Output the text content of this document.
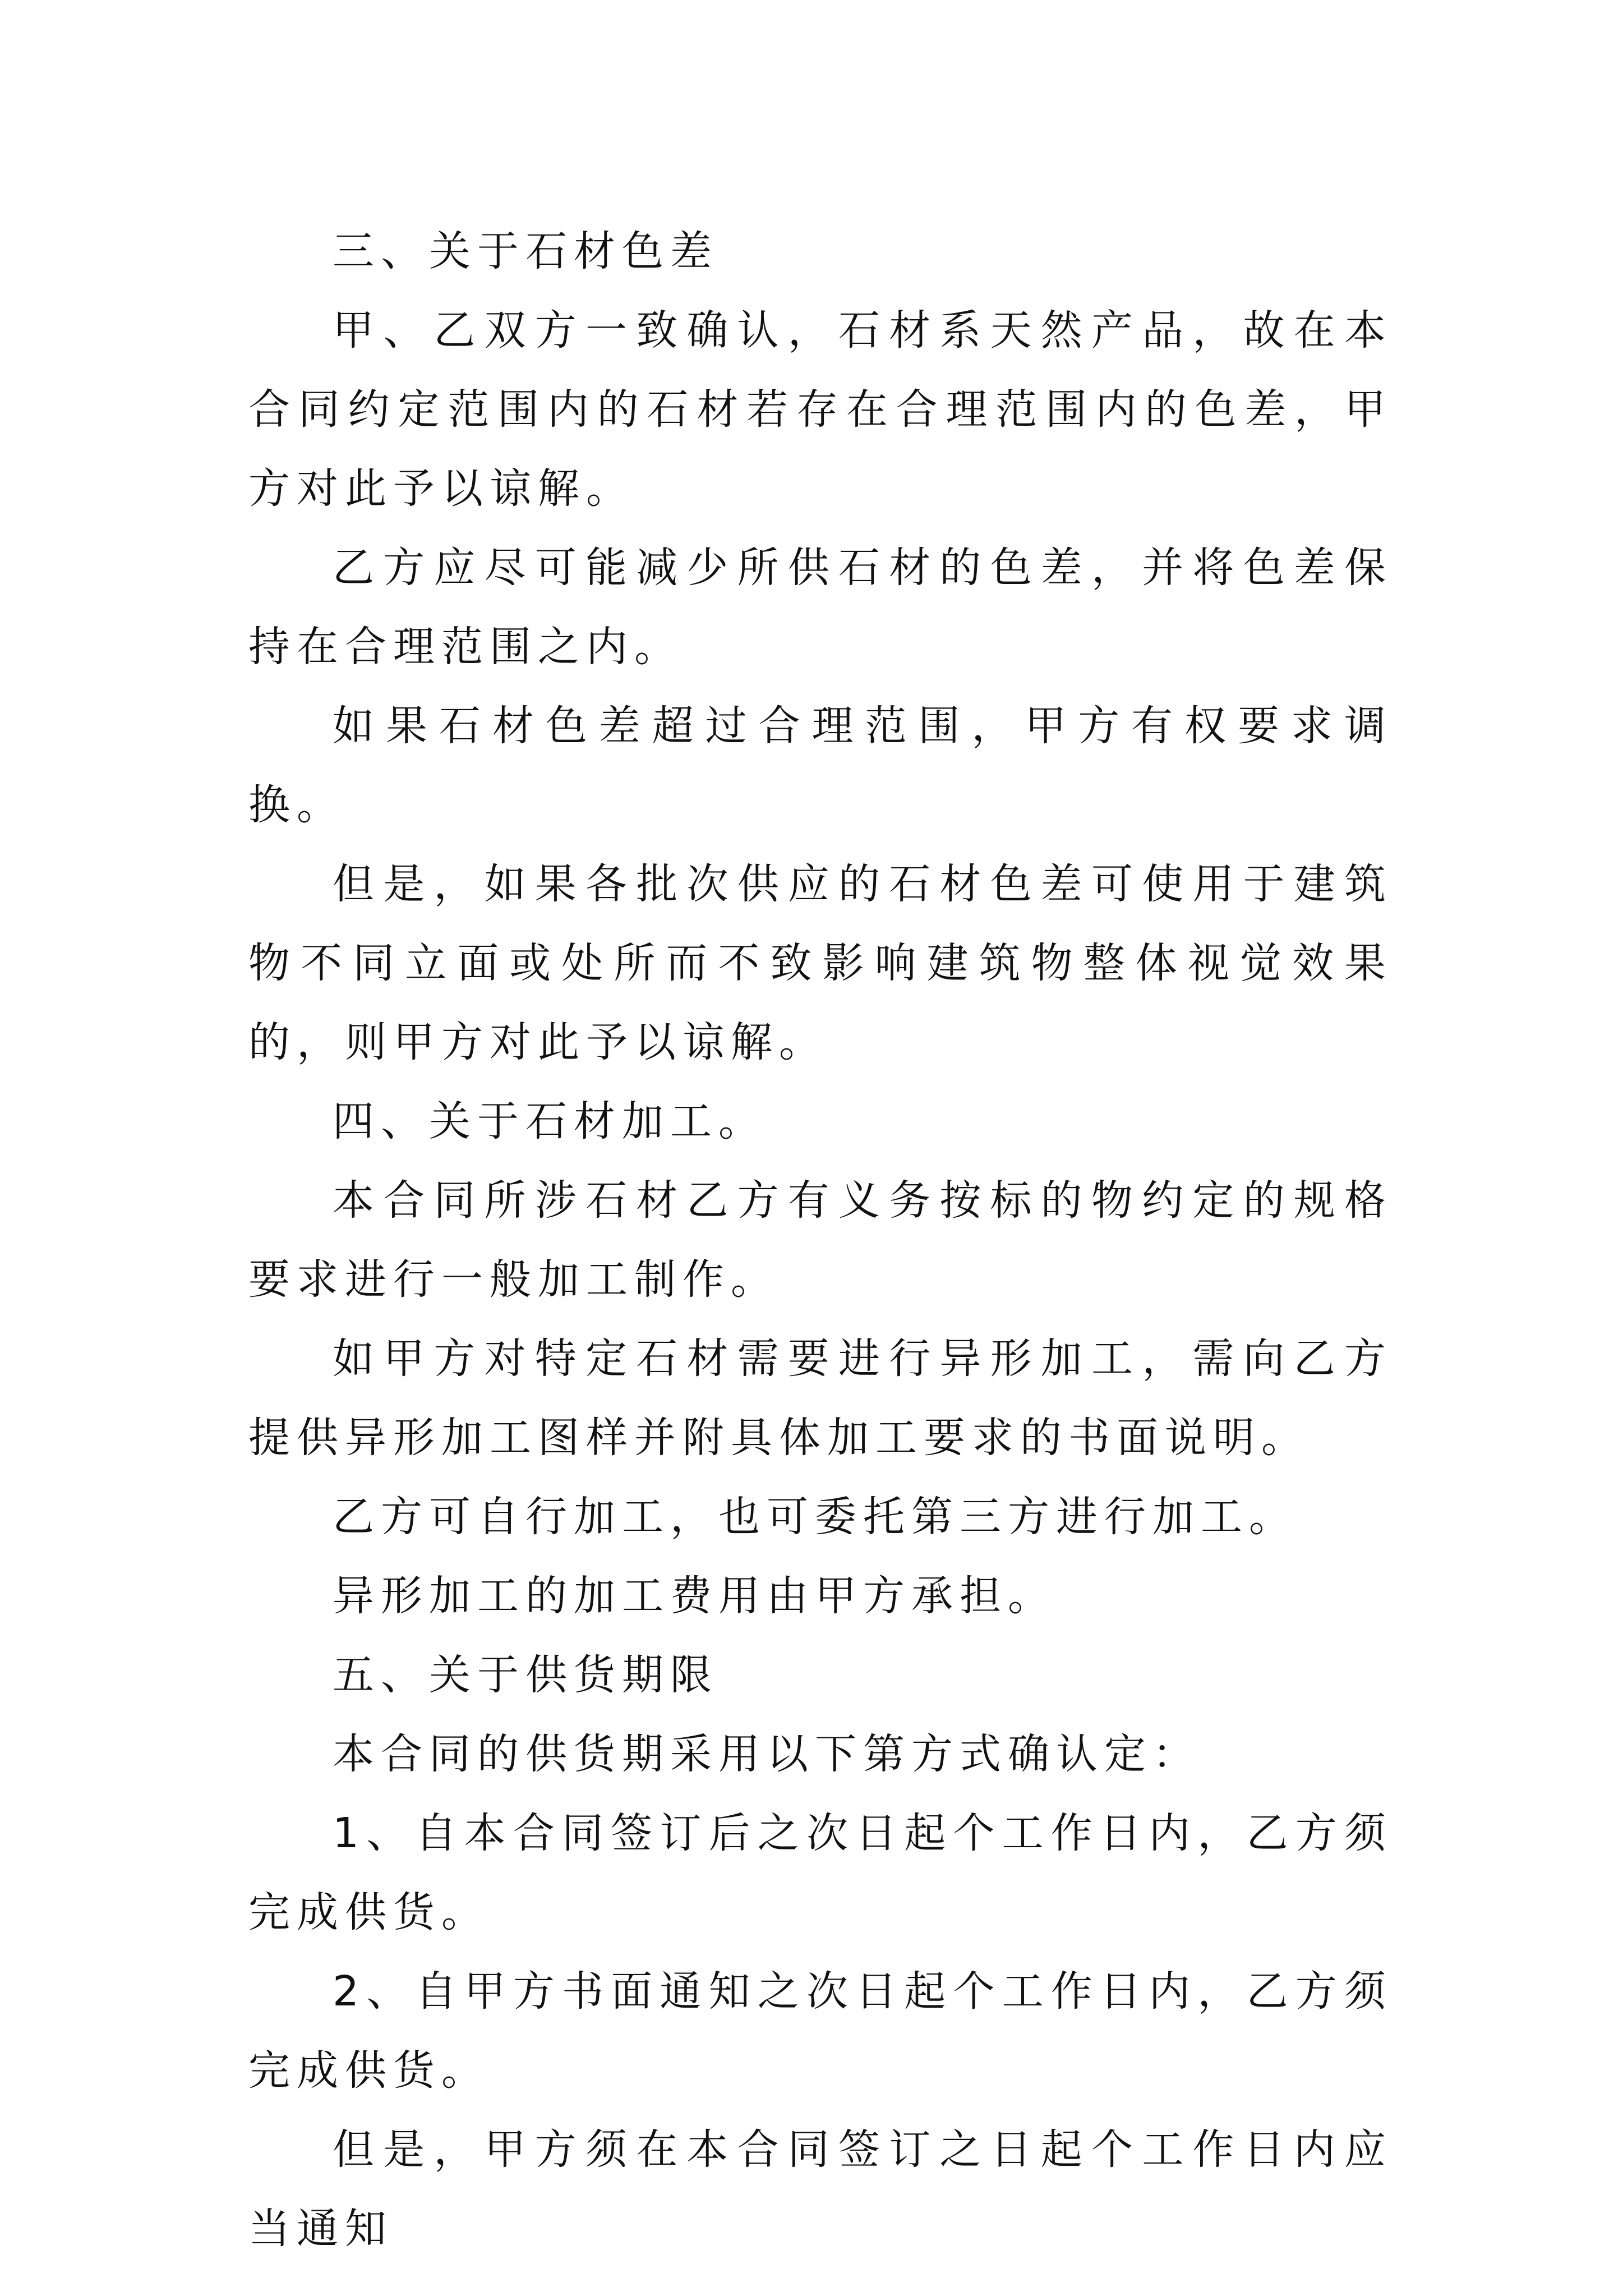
三、关于石材色差

甲、乙双方一致确认，石材系天然产品，故在本合同约定范围内的石材若存在合理范围内的色差，甲方对此予以谅解。

乙方应尽可能减少所供石材的色差，并将色差保持在合理范围之内。

如果石材色差超过合理范围，甲方有权要求调换。

但是，如果各批次供应的石材色差可使用于建筑物不同立面或处所而不致影响建筑物整体视觉效果的，则甲方对此予以谅解。

四、关于石材加工。

本合同所涉石材乙方有义务按标的物约定的规格要求进行一般加工制作。

如甲方对特定石材需要进行异形加工，需向乙方提供异形加工图样并附具体加工要求的书面说明。

乙方可自行加工，也可委托第三方进行加工。

异形加工的加工费用由甲方承担。

五、关于供货期限

本合同的供货期采用以下第方式确认定：

1、自本合同签订后之次日起个工作日内，乙方须完成供货。

2、自甲方书面通知之次日起个工作日内，乙方须完成供货。

但是，甲方须在本合同签订之日起个工作日内应当通知
